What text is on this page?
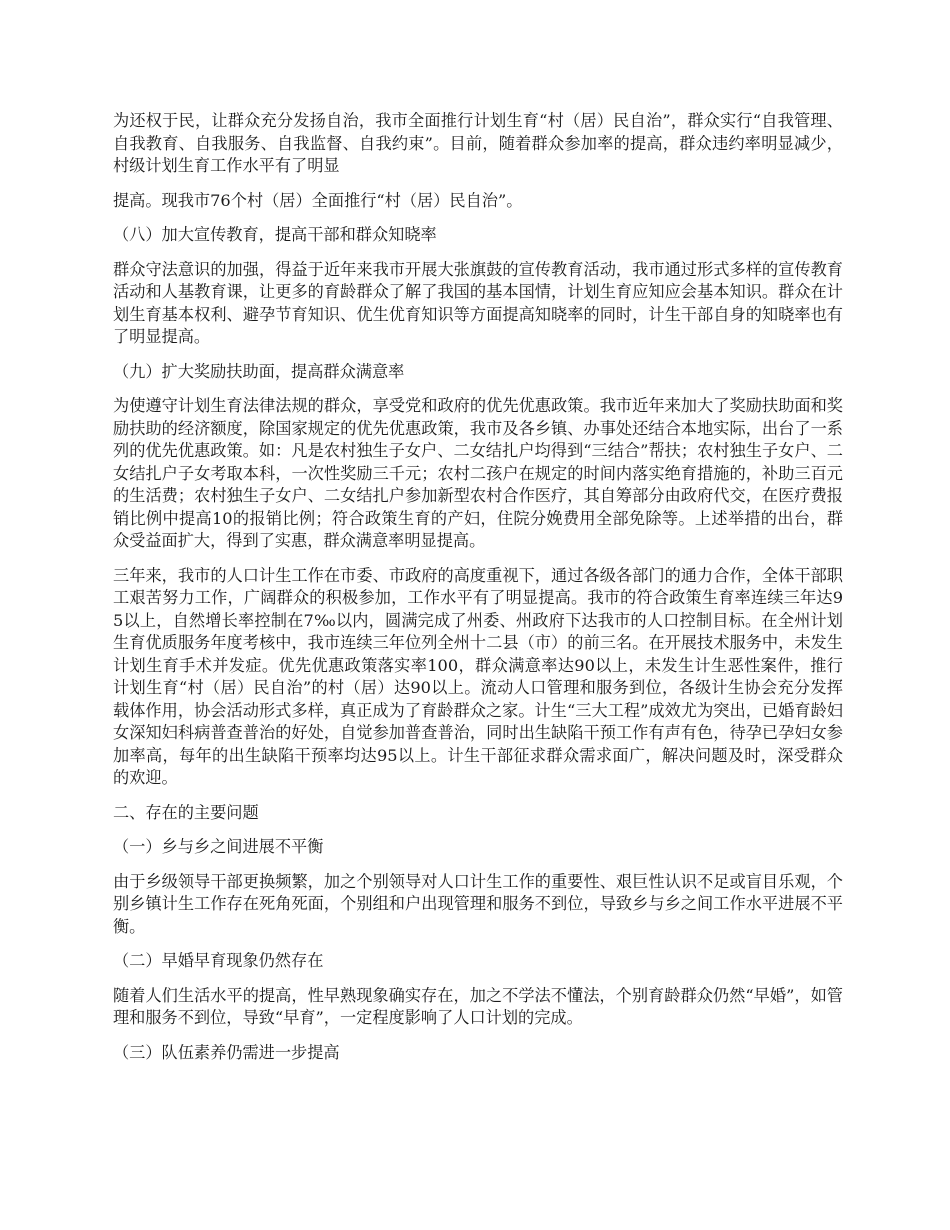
为还权于民，让群众充分发扬自治，我市全面推行计划生育“村（居）民自治”，群众实行“自我管理、自我教育、自我服务、自我监督、自我约束”。目前，随着群众参加率的提高，群众违约率明显减少，村级计划生育工作水平有了明显

提高。现我市76个村（居）全面推行“村（居）民自治”。

（八）加大宣传教育，提高干部和群众知晓率

群众守法意识的加强，得益于近年来我市开展大张旗鼓的宣传教育活动，我市通过形式多样的宣传教育活动和人基教育课，让更多的育龄群众了解了我国的基本国情，计划生育应知应会基本知识。群众在计划生育基本权利、避孕节育知识、优生优育知识等方面提高知晓率的同时，计生干部自身的知晓率也有了明显提高。

（九）扩大奖励扶助面，提高群众满意率

为使遵守计划生育法律法规的群众，享受党和政府的优先优惠政策。我市近年来加大了奖励扶助面和奖励扶助的经济额度，除国家规定的优先优惠政策，我市及各乡镇、办事处还结合本地实际，出台了一系列的优先优惠政策。如：凡是农村独生子女户、二女结扎户均得到“三结合”帮扶；农村独生子女户、二女结扎户子女考取本科，一次性奖励三千元；农村二孩户在规定的时间内落实绝育措施的，补助三百元的生活费；农村独生子女户、二女结扎户参加新型农村合作医疗，其自筹部分由政府代交，在医疗费报销比例中提高10的报销比例；符合政策生育的产妇，住院分娩费用全部免除等。上述举措的出台，群众受益面扩大，得到了实惠，群众满意率明显提高。

三年来，我市的人口计生工作在市委、市政府的高度重视下，通过各级各部门的通力合作，全体干部职工艰苦努力工作，广阔群众的积极参加，工作水平有了明显提高。我市的符合政策生育率连续三年达95以上，自然增长率控制在7‰以内，圆满完成了州委、州政府下达我市的人口控制目标。在全州计划生育优质服务年度考核中，我市连续三年位列全州十二县（市）的前三名。在开展技术服务中，未发生计划生育手术并发症。优先优惠政策落实率100，群众满意率达90以上，未发生计生恶性案件，推行计划生育“村（居）民自治”的村（居）达90以上。流动人口管理和服务到位，各级计生协会充分发挥载体作用，协会活动形式多样，真正成为了育龄群众之家。计生“三大工程”成效尤为突出，已婚育龄妇女深知妇科病普查普治的好处，自觉参加普查普治，同时出生缺陷干预工作有声有色，待孕已孕妇女参加率高，每年的出生缺陷干预率均达95以上。计生干部征求群众需求面广，解决问题及时，深受群众的欢迎。

二、存在的主要问题

（一）乡与乡之间进展不平衡

由于乡级领导干部更换频繁，加之个别领导对人口计生工作的重要性、艰巨性认识不足或盲目乐观，个别乡镇计生工作存在死角死面，个别组和户出现管理和服务不到位，导致乡与乡之间工作水平进展不平衡。

（二）早婚早育现象仍然存在

随着人们生活水平的提高，性早熟现象确实存在，加之不学法不懂法，个别育龄群众仍然“早婚”，如管理和服务不到位，导致“早育”，一定程度影响了人口计划的完成。

（三）队伍素养仍需进一步提高
